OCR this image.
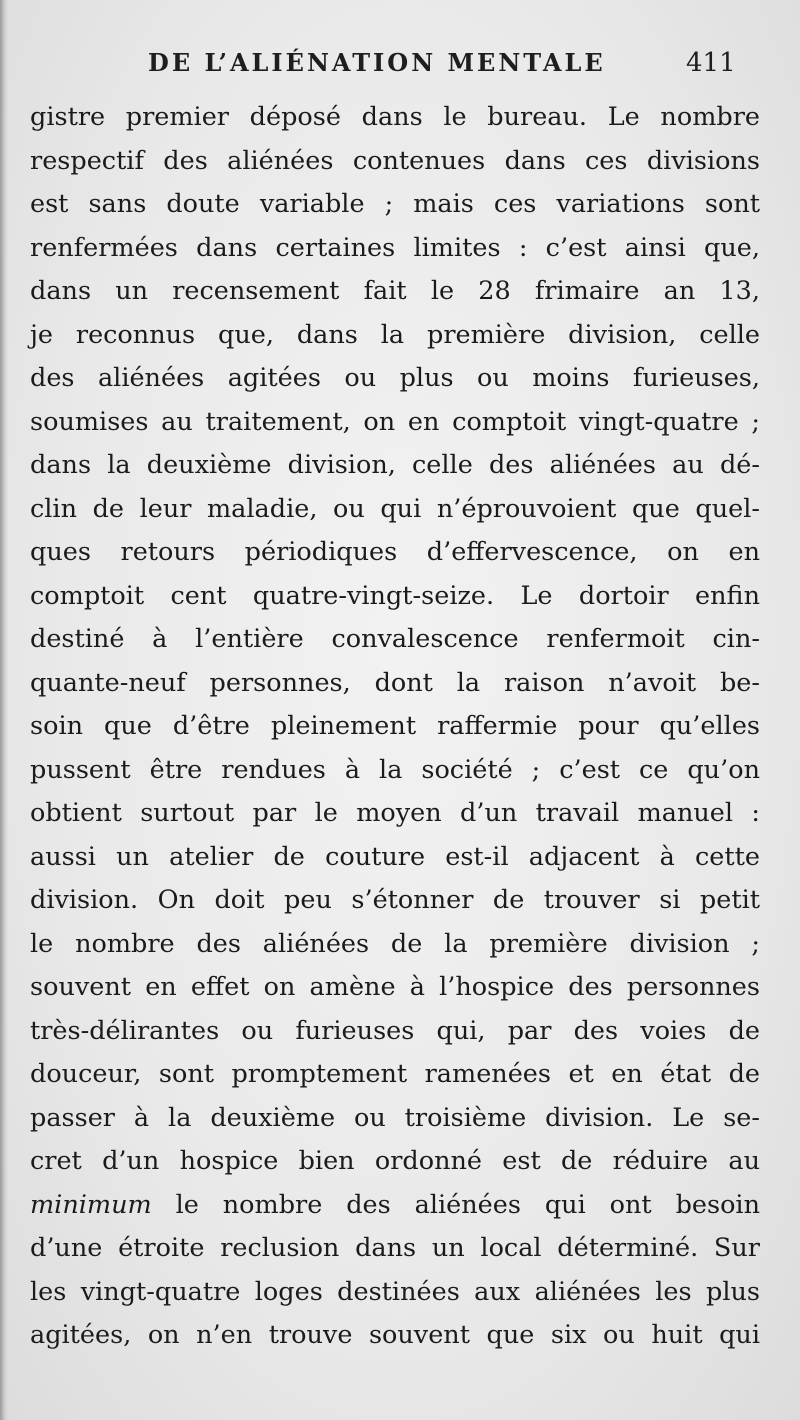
DE L’ALIÉNATION MENTALE	411
gistre premier déposé dans le bureau. Le nombre
respectif des aliénées contenues dans ces divisions
est sans doute variable ; mais ces variations sont
renfermées dans certaines limites : c’est ainsi que,
dans un recensement fait le 28 frimaire an 13,
je reconnus que, dans la première division, celle
des aliénées agitées ou plus ou moins furieuses,
soumises au traitement, on en comptoit vingt-quatre ;
dans la deuxième division, celle des aliénées au dé-
clin de leur maladie, ou qui n’éprouvoient que quel-
ques retours périodiques d’effervescence, on en
comptoit cent quatre-vingt-seize. Le dortoir enfin
destiné à l’entière convalescence renfermoit cin-
quante-neuf personnes, dont la raison n’avoit be-
soin que d’être pleinement raffermie pour qu’elles
pussent être rendues à la société ; c’est ce qu’on
obtient surtout par le moyen d’un travail manuel :
aussi un atelier de couture est-il adjacent à cette
division. On doit peu s’étonner de trouver si petit
le nombre des aliénées de la première division ;
souvent en effet on amène à l’hospice des personnes
très-délirantes ou furieuses qui, par des voies de
douceur, sont promptement ramenées et en état de
passer à la deuxième ou troisième division. Le se-
cret d’un hospice bien ordonné est de réduire au
minimum le nombre des aliénées qui ont besoin
d’une étroite reclusion dans un local déterminé. Sur
les vingt-quatre loges destinées aux aliénées les plus
agitées, on n’en trouve souvent que six ou huit qui
